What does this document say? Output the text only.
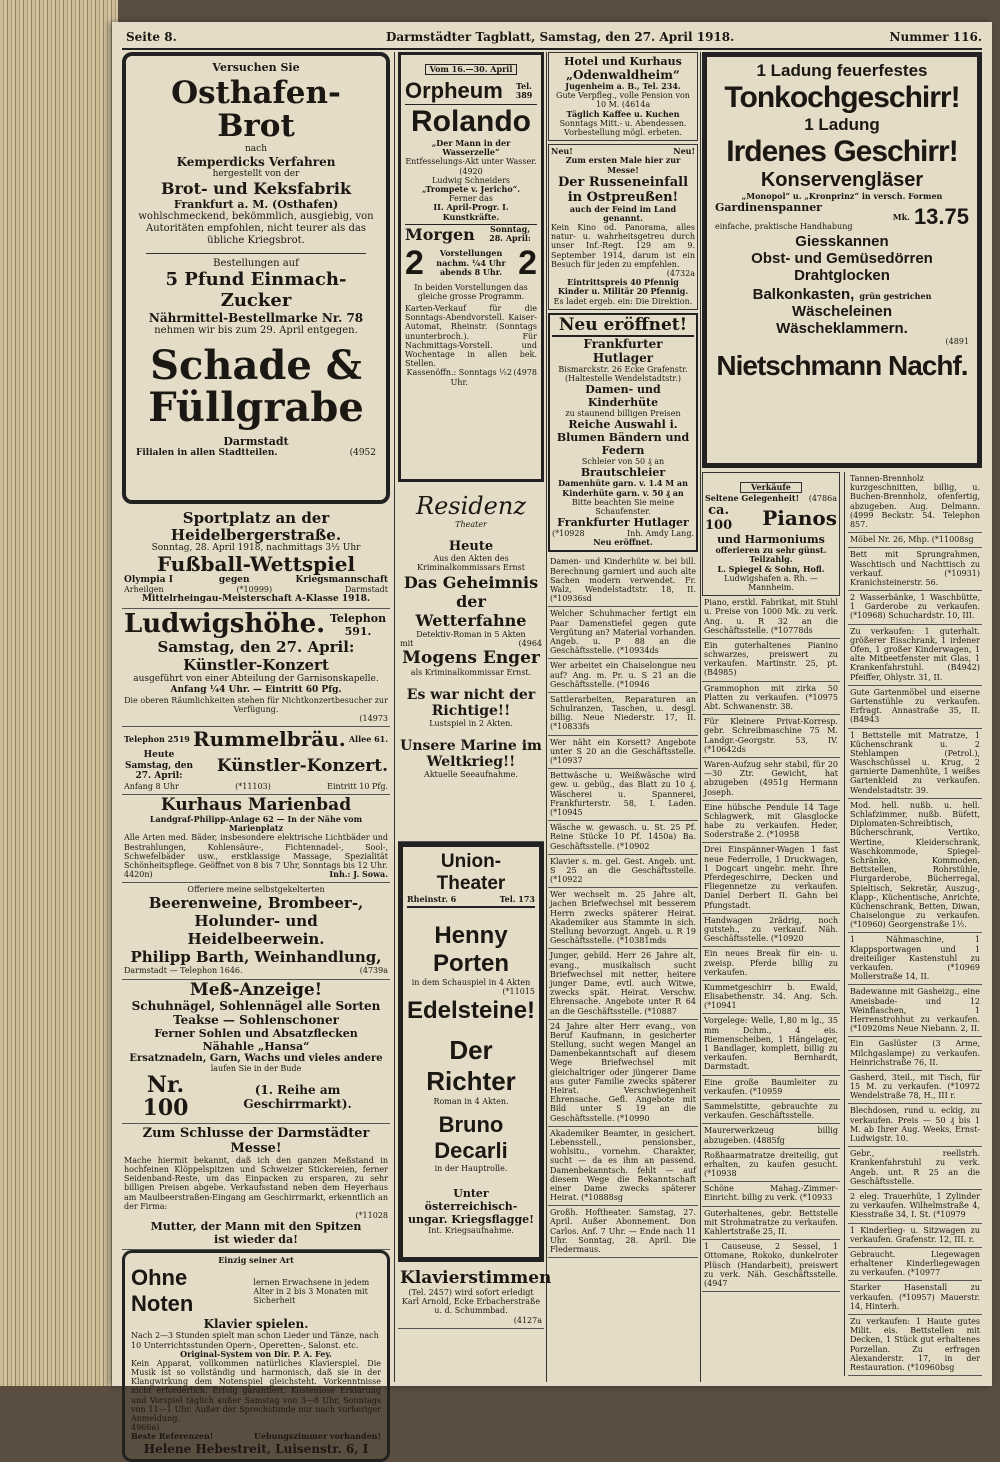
Seite 8.	Darmstädter Tagblatt, Samstag, den 27. April 1918.	Nummer 116.
Versuchen Sie
Osthafen-Brot
nach
Kemperdicks Verfahren
hergestellt von der
Brot- und Keksfabrik
Frankfurt a. M. (Osthafen)
wohlschmeckend, bekömmlich, ausgiebig, von Autoritäten empfohlen, nicht teurer als das übliche Kriegsbrot.
Bestellungen auf
5 Pfund Einmach-Zucker
Nährmittel-Bestellmarke Nr. 78
nehmen wir bis zum 29. April entgegen.
Schade &
Füllgrabe
Darmstadt
Filialen in allen Stadtteilen.	(4952
Sportplatz an der Heidelbergerstraße.
Sonntag, 28. April 1918, nachmittags 3½ Uhr
Fußball-Wettspiel
Olympia I	gegen	Kriegsmannschaft
Arheilgen	(*10999)	Darmstadt
Mittelrheingau-Meisterschaft A-Klasse 1918.
Ludwigshöhe. Telephon 591.
Samstag, den 27. April: Künstler-Konzert
ausgeführt von einer Abteilung der Garnisonskapelle.
Anfang ¼4 Uhr. — Eintritt 60 Pfg.
Die oberen Räumlichkeiten stehen für Nichtkonzertbesucher zur Verfügung.
(14973
Telephon 2519 Rummelbräu. Allee 61.
Heute Samstag, den 27. April:
Künstler-Konzert.
Anfang 8 Uhr	(*11103)	Eintritt 10 Pfg.
Kurhaus Marienbad
Landgraf-Philipp-Anlage 62 — In der Nähe vom Marienplatz
Alle Arten med. Bäder, insbesondere elektrische Lichtbäder und Bestrahlungen, Kohlensäure-, Fichtennadel-, Sool-, Schwefelbäder usw., erstklassige Massage, Spezialität Schönheitspflege. Geöffnet von 8 bis 7 Uhr, Sonntags bis 12 Uhr.
4420n)	Inh.: J. Sowa.
Offeriere meine selbstgekelterten
Beerenweine, Brombeer-,
Holunder- und Heidelbeerwein.
Philipp Barth, Weinhandlung,
Darmstadt — Telephon 1646.	(4739a
Meß-Anzeige!
Schuhnägel, Sohlennägel alle Sorten
Teakse — Sohlenschoner
Ferner Sohlen und Absatzflecken
Nähahle „Hansa“
Ersatznadeln, Garn, Wachs und vieles andere
laufen Sie in der Bude
Nr. 100
(1. Reihe am Geschirrmarkt).
Zum Schlusse der Darmstädter
Messe!
Mache hiermit bekannt, daß ich den ganzen Meßstand in hochfeinen Klöppelspitzen und Schweizer Stickereien, ferner Seidenband-Reste, um das Einpacken zu ersparen, zu sehr billigen Preisen abgebe. Verkaufsstand neben dem Heyerhaus am Maulbeerstraßen-Eingang am Geschirrmarkt, erkenntlich an der Firma:
(*11028
Mutter, der Mann mit den Spitzen
ist wieder da!
Einzig seiner Art
Ohne Noten
lernen Erwachsene in jedem Alter in 2 bis 3 Monaten mit Sicherheit
Klavier spielen.
Nach 2—3 Stunden spielt man schon Lieder und Tänze, nach 10 Unterrichtsstunden Opern-, Operetten-, Salonst. etc.
Original-System von Dir. P. A. Fey.
Kein Apparat, vollkommen natürliches Klavierspiel. Die Musik ist so vollständig und harmonisch, daß sie in der Klangwirkung dem Notenspiel gleichsteht. Vorkenntnisse nicht erforderlich. Erfolg garantiert. Kostenlose Erklärung und Vorspiel täglich außer Samstag von 3—8 Uhr, Sonntags von 11—1 Uhr. Außer der Sprechstunde nur nach vorheriger Anmeldung.
4966a)
Beste Referenzen!	Uebungszimmer vorhanden!
Helene Hebestreit, Luisenstr. 6, I
Vom 16.—30. April
Orpheum	Tel. 389
Rolando
„Der Mann in der Wasserzelle“
Entfesselungs-Akt unter Wasser. (4920
Ludwig Schneiders
„Trompete v. Jericho“.
Ferner das
II. April-Progr. I. Kunstkräfte.
Morgen	Sonntag, 28. April:
2	Vorstellungen
nachm. ¼4 Uhr
abends 8 Uhr. 2
In beiden Vorstellungen das gleiche grosse Programm.
Karten-Verkauf für die Sonntags-Abendvorstell. Kaiser-Automat, Rheinstr. (Sonntags ununterbroch.). Für Nachmittags-Vorstell. und Wochentage in allen bek. Stellen.
Kassenöffn.: Sonntags ½2 Uhr.
(4978
Residenz
Theater
Heute
Aus den Akten des Kriminalkommissars Ernst
Das Geheimnis der Wetterfahne
Detektiv-Roman in 5 Akten
mit	(4964
Mogens Enger
als Kriminalkommissar Ernst.
Es war nicht der Richtige!!
Lustspiel in 2 Akten.
Unsere Marine im Weltkrieg!!
Aktuelle Seeaufnahme.
Union-Theater
Rheinstr. 6	Tel. 173
Henny Porten
in dem Schauspiel in 4 Akten
(*11015
Edelsteine!
Der Richter
Roman in 4 Akten.
Bruno Decarli
in der Hauptrolle.
Unter österreichisch-ungar. Kriegsflagge!
Int. Kriegsaufnahme.
Klavierstimmen
(Tel. 2457) wird sofort erledigt Karl Arnold, Ecke Erbacherstraße u. d. Schummbad.
(4127a
Hotel und Kurhaus
„Odenwaldheim“
Jugenheim a. B., Tel. 234.
Gute Verpfleg., volle Pension von 10 M. (4614a
Täglich Kaffee u. Kuchen
Sonntags Mitt.- u. Abendessen. Vorbestellung mögl. erbeten.
Neu!	Neu!
Zum ersten Male hier zur Messe!
Der Russeneinfall in Ostpreußen!
auch der Feind im Land genannt.
Kein Kino od. Panorama, alles natur- u. wahrheitsgetreu durch unser Inf.-Regt. 129 am 9. September 1914, darum ist ein Besuch für jeden zu empfehlen.
(4732a
Eintrittspreis 40 Pfennig
Kinder u. Militär 20 Pfennig.
Es ladet ergeb. ein: Die Direktion.
Neu eröffnet!
Frankfurter Hutlager
Bismarckstr. 26 Ecke Grafenstr. (Haltestelle Wendelstadtstr.)
Damen- und Kinderhüte
zu staunend billigen Preisen
Reiche Auswahl i. Blumen Bändern und Federn
Schleier von 50 ₰ an
Brautschleier
Damenhüte garn. v. 1.4 M an
Kinderhüte garn. v. 50 ₰ an
Bitte beachten Sie meine Schaufenster.
Frankfurter Hutlager
(*10928	Inh. Amdy Lang.
Neu eröffnet.
Damen- und Kinderhüte w. bei bill. Berechnung garniert und auch alte Sachen modern verwendet. Fr. Walz, Wendelstadtstr. 18, II. (*10936sd
Welcher Schuhmacher fertigt ein Paar Damenstiefel gegen gute Vergütung an? Material vorhanden. Angeb. u. P 88 an die Geschäftsstelle. (*10934ds
Wer arbeitet ein Chaiselongue neu auf? Ang. m. Pr. u. S 21 an die Geschäftsstelle. (*10946
Sattlerarbeiten, Reparaturen an Schulranzen, Taschen, u. desgl. billig. Neue Niederstr. 17, II. (*10833fs
Wer näht ein Korsett? Angebote unter S 20 an die Geschäftsstelle. (*10937
Bettwäsche u. Weißwäsche wird gew. u. gebüg., das Blatt zu 10 ₰. Wäscherei u. Spannerei, Frankfurterstr. 58, I. Laden. (*10945
Wäsche w. gewasch. u. St. 25 Pf. Reine Stücke 10 Pf. 1450a) Ba. Geschäftsstelle. (*10902
Klavier s. m. gel. Gest. Angeb. unt. S 25 an die Geschäftsstelle. (*10922
Wer wechselt m. 25 Jahre alt, jachen Briefwechsel mit besserem Herrn zwecks späterer Heirat. Akademiker aus Stammte in sich. Stellung bevorzugt. Angeb. u. R 19 Geschäftsstelle. (*10381mds
Junger, gebild. Herr 26 Jahre alt, evang., musikalisch sucht Briefwechsel mit netter, heitere junger Dame, evtl. auch Witwe, zwecks spät. Heirat. Verschw. Ehrensache. Angebote unter R 64 an die Geschäftsstelle. (*10887
24 Jahre alter Herr evang., von Beruf Kaufmann, in gesicherter Stellung, sucht wegen Mangel an Damenbekanntschaft auf diesem Wege Briefwechsel mit gleichaltriger oder jüngerer Dame aus guter Familie zwecks späterer Heirat. Verschwiegenheit Ehrensache. Gefl. Angebote mit Bild unter S 19 an die Geschäftsstelle. (*10990
Akademiker Beamter, in gesichert. Lebensstell., pensionsber., wohlsitu., vornehm. Charakter, sucht — da es ihm an passend. Damenbekanntsch. fehlt — auf diesem Wege die Bekanntschaft einer Dame zwecks späterer Heirat. (*10888sg
Großh. Hoftheater. Samstag, 27. April. Außer Abonnement. Don Carlos. Anf. 7 Uhr. — Ende nach 11 Uhr. Sonntag, 28. April. Die Fledermaus.
1 Ladung feuerfestes
Tonkochgeschirr!
1 Ladung
Irdenes Geschirr!
Konservengläser
„Monopol“ u. „Kronprinz“ in versch. Formen
Gardinenspanner
einfache, praktische Handhabung
Mk. 13.75
Giesskannen
Obst- und Gemüsedörren
Drahtglocken
Balkonkasten, grün gestrichen
Wäscheleinen
Wäscheklammern.
(4891
Nietschmann Nachf.
Verkäufe
Seltene Gelegenheit! (4786a
ca.
100 Pianos
und Harmoniums
offerieren zu sehr günst. Teilzahlg.
L. Spiegel & Sohn, Hofl.
Ludwigshafen a. Rh. — Mannheim.
Piano, erstkl. Fabrikat, mit Stuhl u. Preise von 1000 Mk. zu verk. Ang. u. R 32 an die Geschäftsstelle. (*10778ds
Ein guterhaltenes Pianino schwarzes, preiswert zu verkaufen. Martinstr. 25, pt. (B4985)
Grammophon mit zirka 50 Platten zu verkaufen. (*10975 Abt. Schwanenstr. 38.
Für Kleinere Privat-Korresp. gebr. Schreibmaschine 75 M. Landgr.-Georgstr. 53, IV. (*10642ds
Waren-Aufzug sehr stabil, für 20—30 Ztr. Gewicht, hat abzugeben (4951g Hermann Joseph.
Eine hübsche Pendule 14 Tage Schlagwerk, mit Glasglocke habe zu verkaufen. Heder, Soderstraße 2. (*10958
Drei Einspänner-Wagen 1 fast neue Federrolle, 1 Druckwagen, 1 Dogcart ungebr. mehr. Ihre Pferdegeschirre, Decken und Fliegennetze zu verkaufen. Daniel Derbert II. Gahn bei Pfungstadt.
Handwagen 2rädrig, noch gutsteh., zu verkauf. Näh. Geschäftsstelle. (*10920
Ein neues Break für ein- u. zweisp. Pferde billig zu verkaufen.
Kummetgeschirr b. Ewald, Elisabethenstr. 34. Ang. Sch. (*10941
Vorgelege: Welle, 1,80 m lg., 35 mm Dchm., 4 eis. Riemenscheiben, 1 Hängelager, 1 Bandlager, komplett, billig zu verkaufen. Bernhardt, Darmstadt.
Eine große Baumleiter zu verkaufen. (*10959
Sammelstitte, gebrauchte zu verkaufen. Geschäftsstelle.
Maurerwerkzeug billig abzugeben. (4885fg
Roßhaarmatratze dreiteilig, gut erhalten, zu kaufen gesucht. (*10938
Schöne Mahag.-Zimmer-Einricht. billig zu verk. (*10933
Guterhaltenes, gebr. Bettstelle mit Strohmatratze zu verkaufen. Kahlertstraße 25, II.
1 Causeuse, 2 Sessel, 1 Ottomane, Rokoko, dunkelroter Plüsch (Handarbeit), preiswert zu verk. Näh. Geschäftsstelle. (4947
Tannen-Brennholz kurzgeschnitten, billig, u. Buchen-Brennholz, ofenfertig, abzugeben. Aug. Delmann. (4999 Beckstr. 54. Telephon 857.
Möbel Nr. 26, Mhp. (*11008sg
Bett mit Sprungrahmen, Waschtisch und Nachttisch zu verkauf. (*10931) Kranichsteinerstr. 56.
2 Wasserbänke, 1 Waschbütte, 1 Garderobe zu verkaufen. (*10968) Schuchardstr. 10, III.
Zu verkaufen: 1 guterhalt. größerer Eisschrank, 1 irdener Ofen, 1 großer Kinderwagen, 1 alte Mitbeetfenster mit Glas, 1 Krankenfahrstuhl. (B4942) Pfeiffer, Ohlystr. 31, II.
Gute Gartenmöbel und eiserne Gartenstühle zu verkaufen. Erfragt. Annastraße 35, II. (B4943
1 Bettstelle mit Matratze, 1 Küchenschrank u. 2 Stehlampen (Petrol.), Waschschüssel u. Krug, 2 garnierte Damenhüte, 1 weißes Gartenkleid zu verkaufen. Wendelstadtstr. 39.
Mod. hell. nußb. u. hell. Schlafzimmer, nußb. Büfett, Diplomaten-Schreibtisch, Bücherschrank, Vertiko, Wertine, Kleiderschrank, Waschkommode, Spiegel-Schränke, Kommoden, Bettstellen, Rohrstühle, Flurgarderobe, Bücherregal, Spieltisch, Sekretär, Auszug-, Klapp-, Küchentische, Anrichte, Küchenschrank, Betten, Diwan, Chaiselongue zu verkaufen. (*10960) Georgenstraße 1½.
1 Nähmaschine, 1 Klappsportwagen und 1 dreiteiliger Kastenstuhl zu verkaufen. (*10969 Mollerstraße 14, II.
Badewanne mit Gasheizg., eine Ameisbade- und 12 Weinflaschen, 1 Herrenstrohhut zu verkaufen. (*10920ms Neue Niebann. 2, II.
Ein Gaslüster (3 Arme, Milchgaslampe) zu verkaufen. Heinrichstraße 76, II.
Gasherd, 3teil., mit Tisch, für 15 M. zu verkaufen. (*10972 Wendelstraße 78, H., III r.
Blechdosen, rund u. eckig, zu verkaufen. Preis — 50 ₰ bis 1 M. ab Ihrer Aug. Weeks, Ernst-Ludwigstr. 10.
Gebr., reellstrh. Krankenfahrstuhl zu verk. Angeb. unt. R 25 an die Geschäftsstelle.
2 eleg. Trauerhüte, 1 Zylinder zu verkaufen. Wilhelmstraße 4, Kiesstraße 34, I. St. (*10979
1 Kinderlieg- u. Sitzwagen zu verkaufen. Grafenstr. 12, III. r.
Gebraucht. Liegewagen erhaltener Kinderliegewagen zu verkaufen. (*10977
Starker Hasenstall zu verkaufen. (*10957) Mauerstr. 14, Hinterh.
Zu verkaufen: 1 Haute gutes Milit. eis. Bettstellen mit Decken, 1 Stück gut erhaltenes Porzellan. Zu erfragen Alexanderstr. 17, in der Restauration. (*10960bsg
